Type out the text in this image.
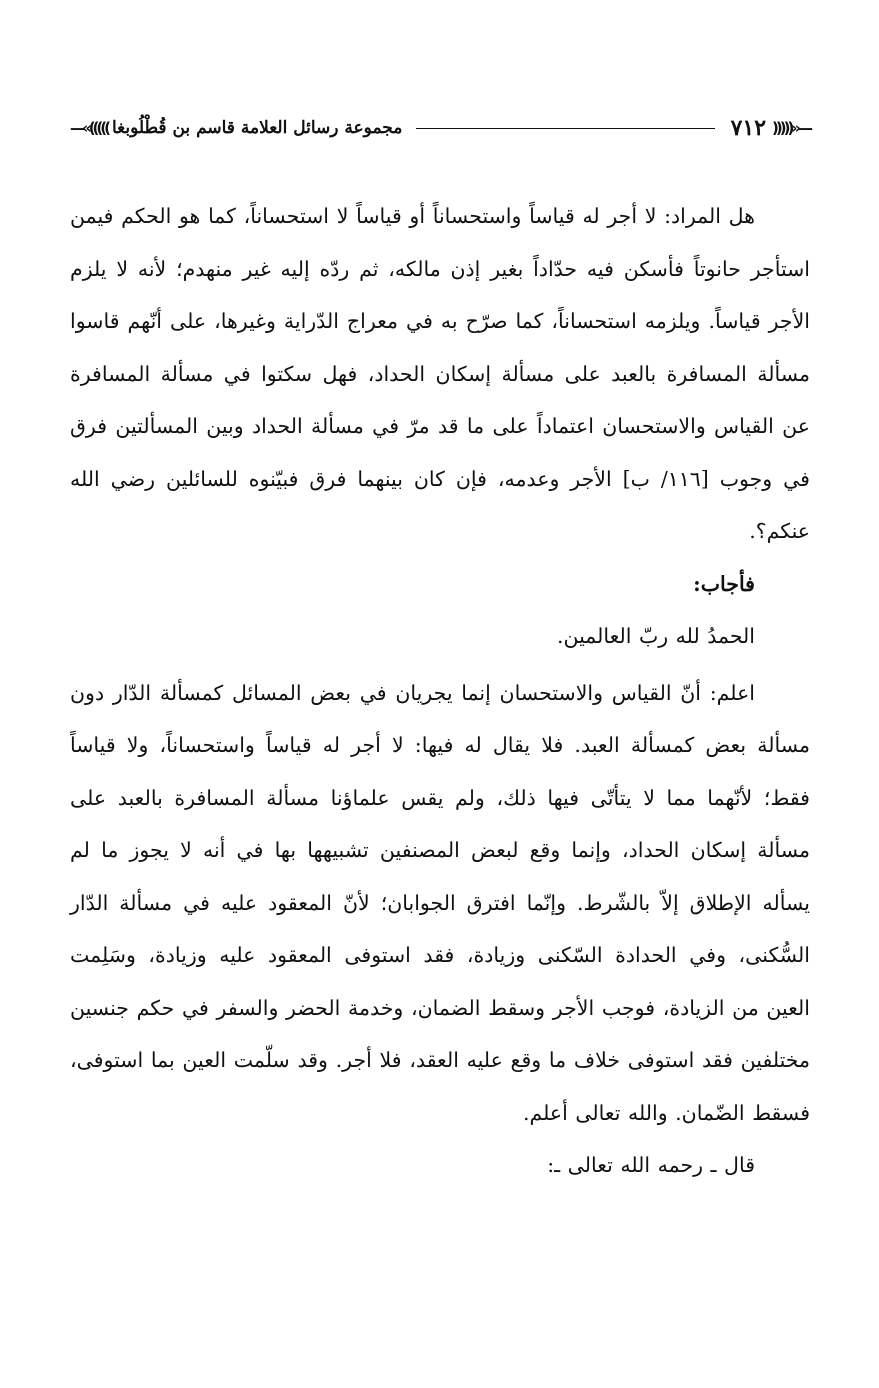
—«(((((
٧١٢
مجموعة رسائل العلامة قاسم بن قُطْلُوبغا
)))))»—

هل المراد: لا أجر له قياساً واستحساناً أو قياساً لا استحساناً، كما هو الحكم فيمن استأجر حانوتاً فأسكن فيه حدّاداً بغير إذن مالكه، ثم ردّه إليه غير منهدم؛ لأنه لا يلزم الأجر قياساً. ويلزمه استحساناً، كما صرّح به في معراج الدّراية وغيرها، على أنّهم قاسوا مسألة المسافرة بالعبد على مسألة إسكان الحداد، فهل سكتوا في مسألة المسافرة عن القياس والاستحسان اعتماداً على ما قد مرّ في مسألة الحداد وبين المسألتين فرق في وجوب [١١٦/ ب] الأجر وعدمه، فإن كان بينهما فرق فبيّنوه للسائلين رضي الله عنكم؟.

فأجاب:

الحمدُ لله ربّ العالمين.

اعلم: أنّ القياس والاستحسان إنما يجريان في بعض المسائل كمسألة الدّار دون مسألة بعض كمسألة العبد. فلا يقال له فيها: لا أجر له قياساً واستحساناً، ولا قياساً فقط؛ لأنّهما مما لا يتأتّى فيها ذلك، ولم يقس علماؤنا مسألة المسافرة بالعبد على مسألة إسكان الحداد، وإنما وقع لبعض المصنفين تشبيهها بها في أنه لا يجوز ما لم يسأله الإطلاق إلاّ بالشّرط. وإنّما افترق الجوابان؛ لأنّ المعقود عليه في مسألة الدّار السُّكنى، وفي الحدادة السّكنى وزيادة، فقد استوفى المعقود عليه وزيادة، وسَلِمت العين من الزيادة، فوجب الأجر وسقط الضمان، وخدمة الحضر والسفر في حكم جنسين مختلفين فقد استوفى خلاف ما وقع عليه العقد، فلا أجر. وقد سلّمت العين بما استوفى، فسقط الضّمان. والله تعالى أعلم.

قال ـ رحمه الله تعالى ـ:
